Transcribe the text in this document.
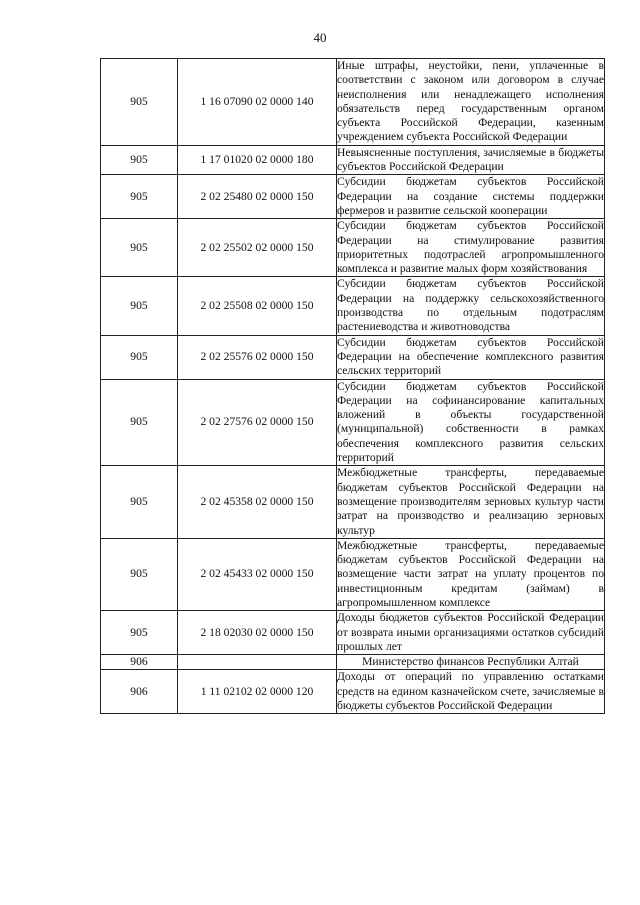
40
905	1 16 07090 02 0000 140	Иные штрафы, неустойки, пени, уплаченные в соответствии с законом или договором в случае неисполнения или ненадлежащего исполнения обязательств перед государственным органом субъекта Российской Федерации, казенным учреждением субъекта Российской Федерации
905	1 17 01020 02 0000 180	Невыясненные поступления, зачисляемые в бюджеты субъектов Российской Федерации
905	2 02 25480 02 0000 150	Субсидии бюджетам субъектов Российской Федерации на создание системы поддержки фермеров и развитие сельской кооперации
905	2 02 25502 02 0000 150	Субсидии бюджетам субъектов Российской Федерации на стимулирование развития приоритетных подотраслей агропромышленного комплекса и развитие малых форм хозяйствования
905	2 02 25508 02 0000 150	Субсидии бюджетам субъектов Российской Федерации на поддержку сельскохозяйственного производства по отдельным подотраслям растениеводства и животноводства
905	2 02 25576 02 0000 150	Субсидии бюджетам субъектов Российской Федерации на обеспечение комплексного развития сельских территорий
905	2 02 27576 02 0000 150	Субсидии бюджетам субъектов Российской Федерации на софинансирование капитальных вложений в объекты государственной (муниципальной) собственности в рамках обеспечения комплексного развития сельских территорий
905	2 02 45358 02 0000 150	Межбюджетные трансферты, передаваемые бюджетам субъектов Российской Федерации на возмещение производителям зерновых культур части затрат на производство и реализацию зерновых культур
905	2 02 45433 02 0000 150	Межбюджетные трансферты, передаваемые бюджетам субъектов Российской Федерации на возмещение части затрат на уплату процентов по инвестиционным кредитам (займам) в агропромышленном комплексе
905	2 18 02030 02 0000 150	Доходы бюджетов субъектов Российской Федерации от возврата иными организациями остатков субсидий прошлых лет
906		Министерство финансов Республики Алтай
906	1 11 02102 02 0000 120	Доходы от операций по управлению остатками средств на едином казначейском счете, зачисляемые в бюджеты субъектов Российской Федерации
